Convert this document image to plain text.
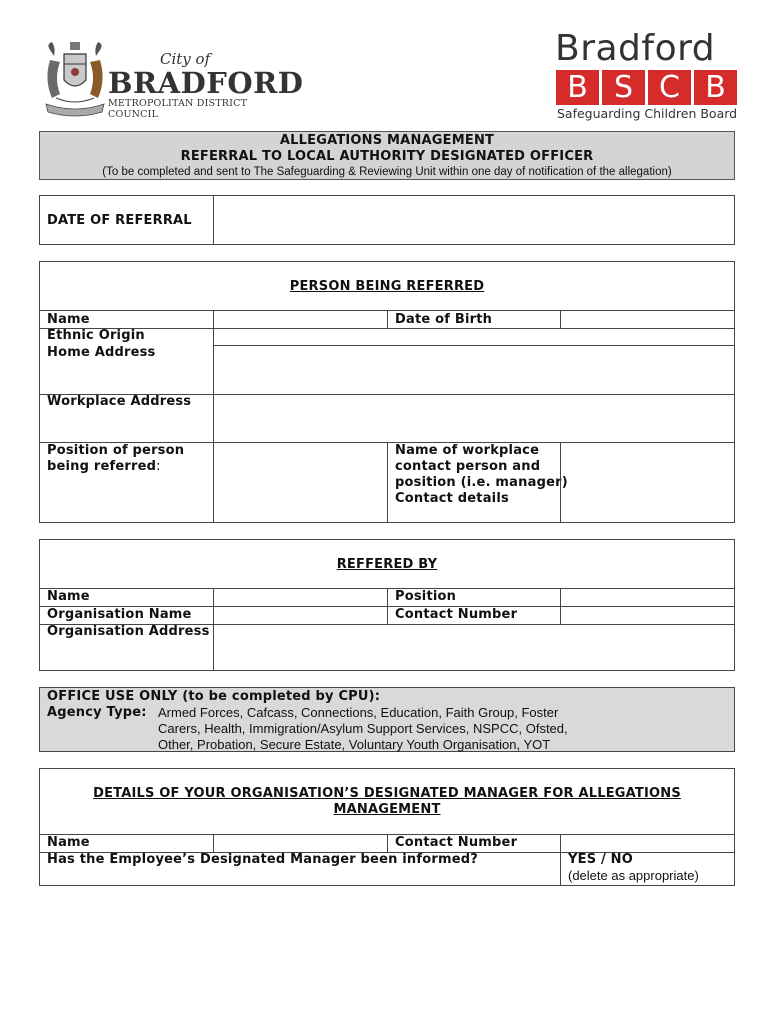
City of
BRADFORD
METROPOLITAN DISTRICT COUNCIL
Bradford
B S C B
Safeguarding Children Board
ALLEGATIONS MANAGEMENT
REFERRAL TO LOCAL AUTHORITY DESIGNATED OFFICER
(To be completed and sent to The Safeguarding & Reviewing Unit within one day of notification of the allegation)
DATE OF REFERRAL
PERSON BEING REFERRED
Name	Date of Birth
Ethnic Origin
Home Address
Workplace Address
Position of person
being referred:
Name of workplace
contact person and
position (i.e. manager)
Contact details
REFFERED BY
Name	Position
Organisation Name	Contact Number
Organisation Address
OFFICE USE ONLY (to be completed by CPU):
Agency Type: Armed Forces, Cafcass, Connections, Education, Faith Group, Foster
Carers, Health, Immigration/Asylum Support Services, NSPCC, Ofsted,
Other, Probation, Secure Estate, Voluntary Youth Organisation, YOT
DETAILS OF YOUR ORGANISATION’S DESIGNATED MANAGER FOR ALLEGATIONS
MANAGEMENT
Name	Contact Number
Has the Employee’s Designated Manager been informed?	YES / NO
(delete as appropriate)
